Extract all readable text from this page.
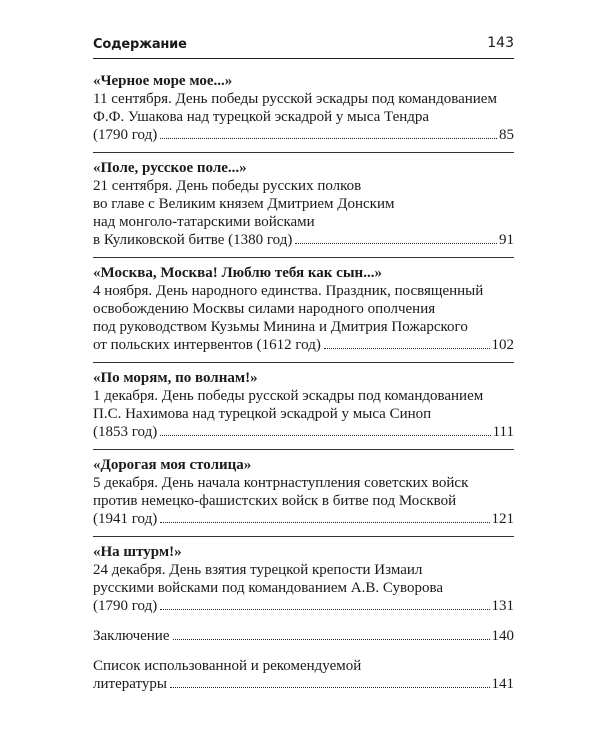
Содержание	143
«Черное море мое...»
11 сентября. День победы русской эскадры под командованием
Ф.Ф. Ушакова над турецкой эскадрой у мыса Тендра
(1790 год)	85
«Поле, русское поле...»
21 сентября. День победы русских полков
во главе с Великим князем Дмитрием Донским
над монголо-татарскими войсками
в Куликовской битве (1380 год)	91
«Москва, Москва! Люблю тебя как сын...»
4 ноября. День народного единства. Праздник, посвященный
освобождению Москвы силами народного ополчения
под руководством Кузьмы Минина и Дмитрия Пожарского
от польских интервентов (1612 год)	102
«По морям, по волнам!»
1 декабря. День победы русской эскадры под командованием
П.С. Нахимова над турецкой эскадрой у мыса Синоп
(1853 год)	111
«Дорогая моя столица»
5 декабря. День начала контрнаступления советских войск
против немецко-фашистских войск в битве под Москвой
(1941 год)	121
«На штурм!»
24 декабря. День взятия турецкой крепости Измаил
русскими войсками под командованием А.В. Суворова
(1790 год)	131
Заключение	140
Список использованной и рекомендуемой
литературы	141
